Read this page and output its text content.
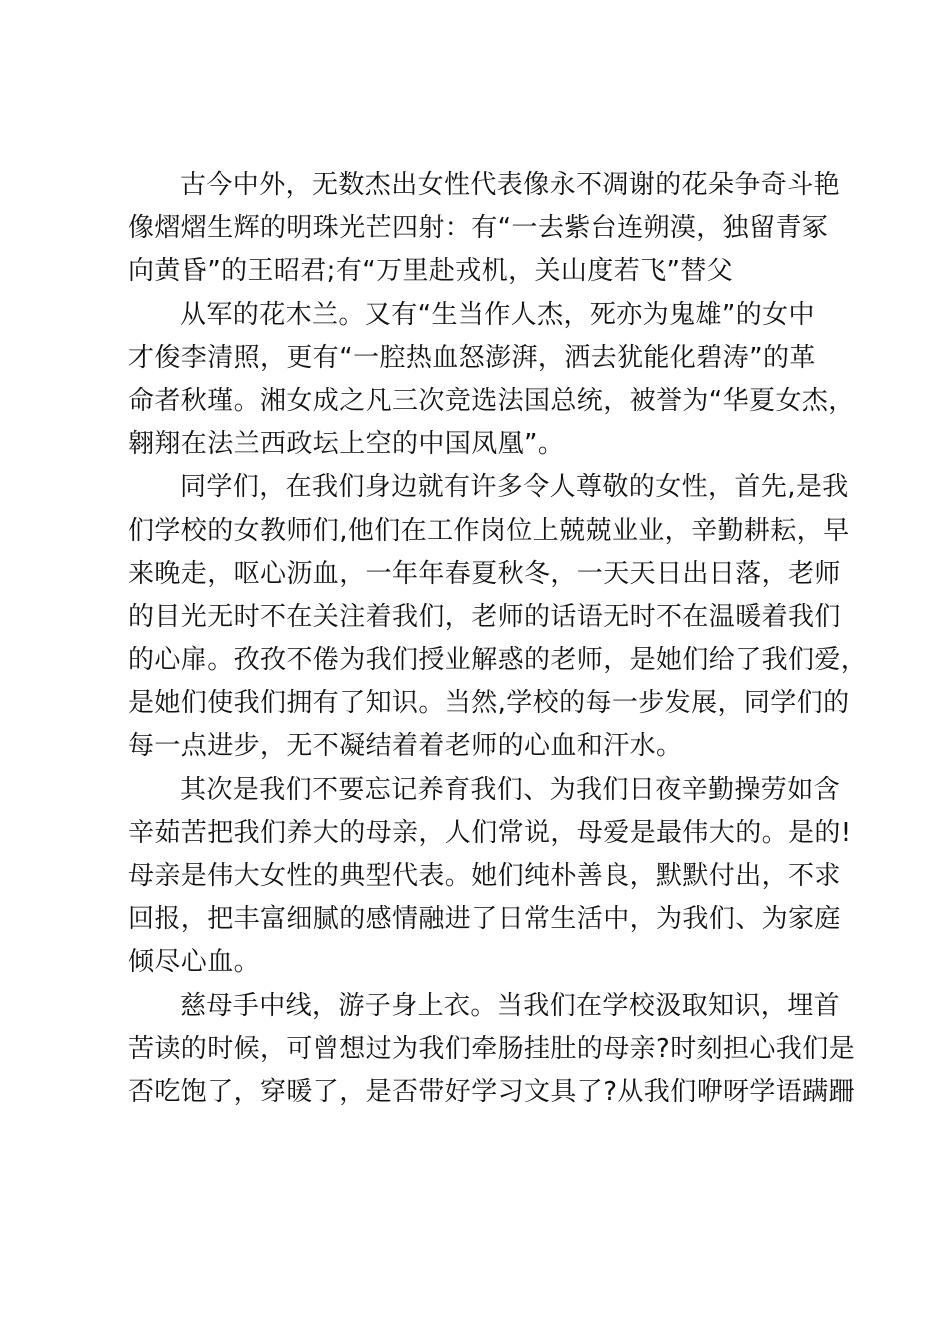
古今中外，无数杰出女性代表像永不凋谢的花朵争奇斗艳
像熠熠生辉的明珠光芒四射：有“一去紫台连朔漠，独留青冢
向黄昏”的王昭君;有“万里赴戎机，关山度若飞”替父
从军的花木兰。又有“生当作人杰，死亦为鬼雄”的女中
才俊李清照，更有“一腔热血怒澎湃，洒去犹能化碧涛”的革
命者秋瑾。湘女成之凡三次竞选法国总统，被誉为“华夏女杰，
翱翔在法兰西政坛上空的中国凤凰”。
同学们，在我们身边就有许多令人尊敬的女性，首先,是我
们学校的女教师们,他们在工作岗位上兢兢业业，辛勤耕耘，早
来晚走，呕心沥血，一年年春夏秋冬，一天天日出日落，老师
的目光无时不在关注着我们，老师的话语无时不在温暖着我们
的心扉。孜孜不倦为我们授业解惑的老师，是她们给了我们爱，
是她们使我们拥有了知识。当然,学校的每一步发展，同学们的
每一点进步，无不凝结着着老师的心血和汗水。
其次是我们不要忘记养育我们、为我们日夜辛勤操劳如含
辛茹苦把我们养大的母亲，人们常说，母爱是最伟大的。是的!
母亲是伟大女性的典型代表。她们纯朴善良，默默付出，不求
回报，把丰富细腻的感情融进了日常生活中，为我们、为家庭
倾尽心血。
慈母手中线，游子身上衣。当我们在学校汲取知识，埋首
苦读的时候，可曾想过为我们牵肠挂肚的母亲?时刻担心我们是
否吃饱了，穿暖了，是否带好学习文具了?从我们咿呀学语蹒跚
